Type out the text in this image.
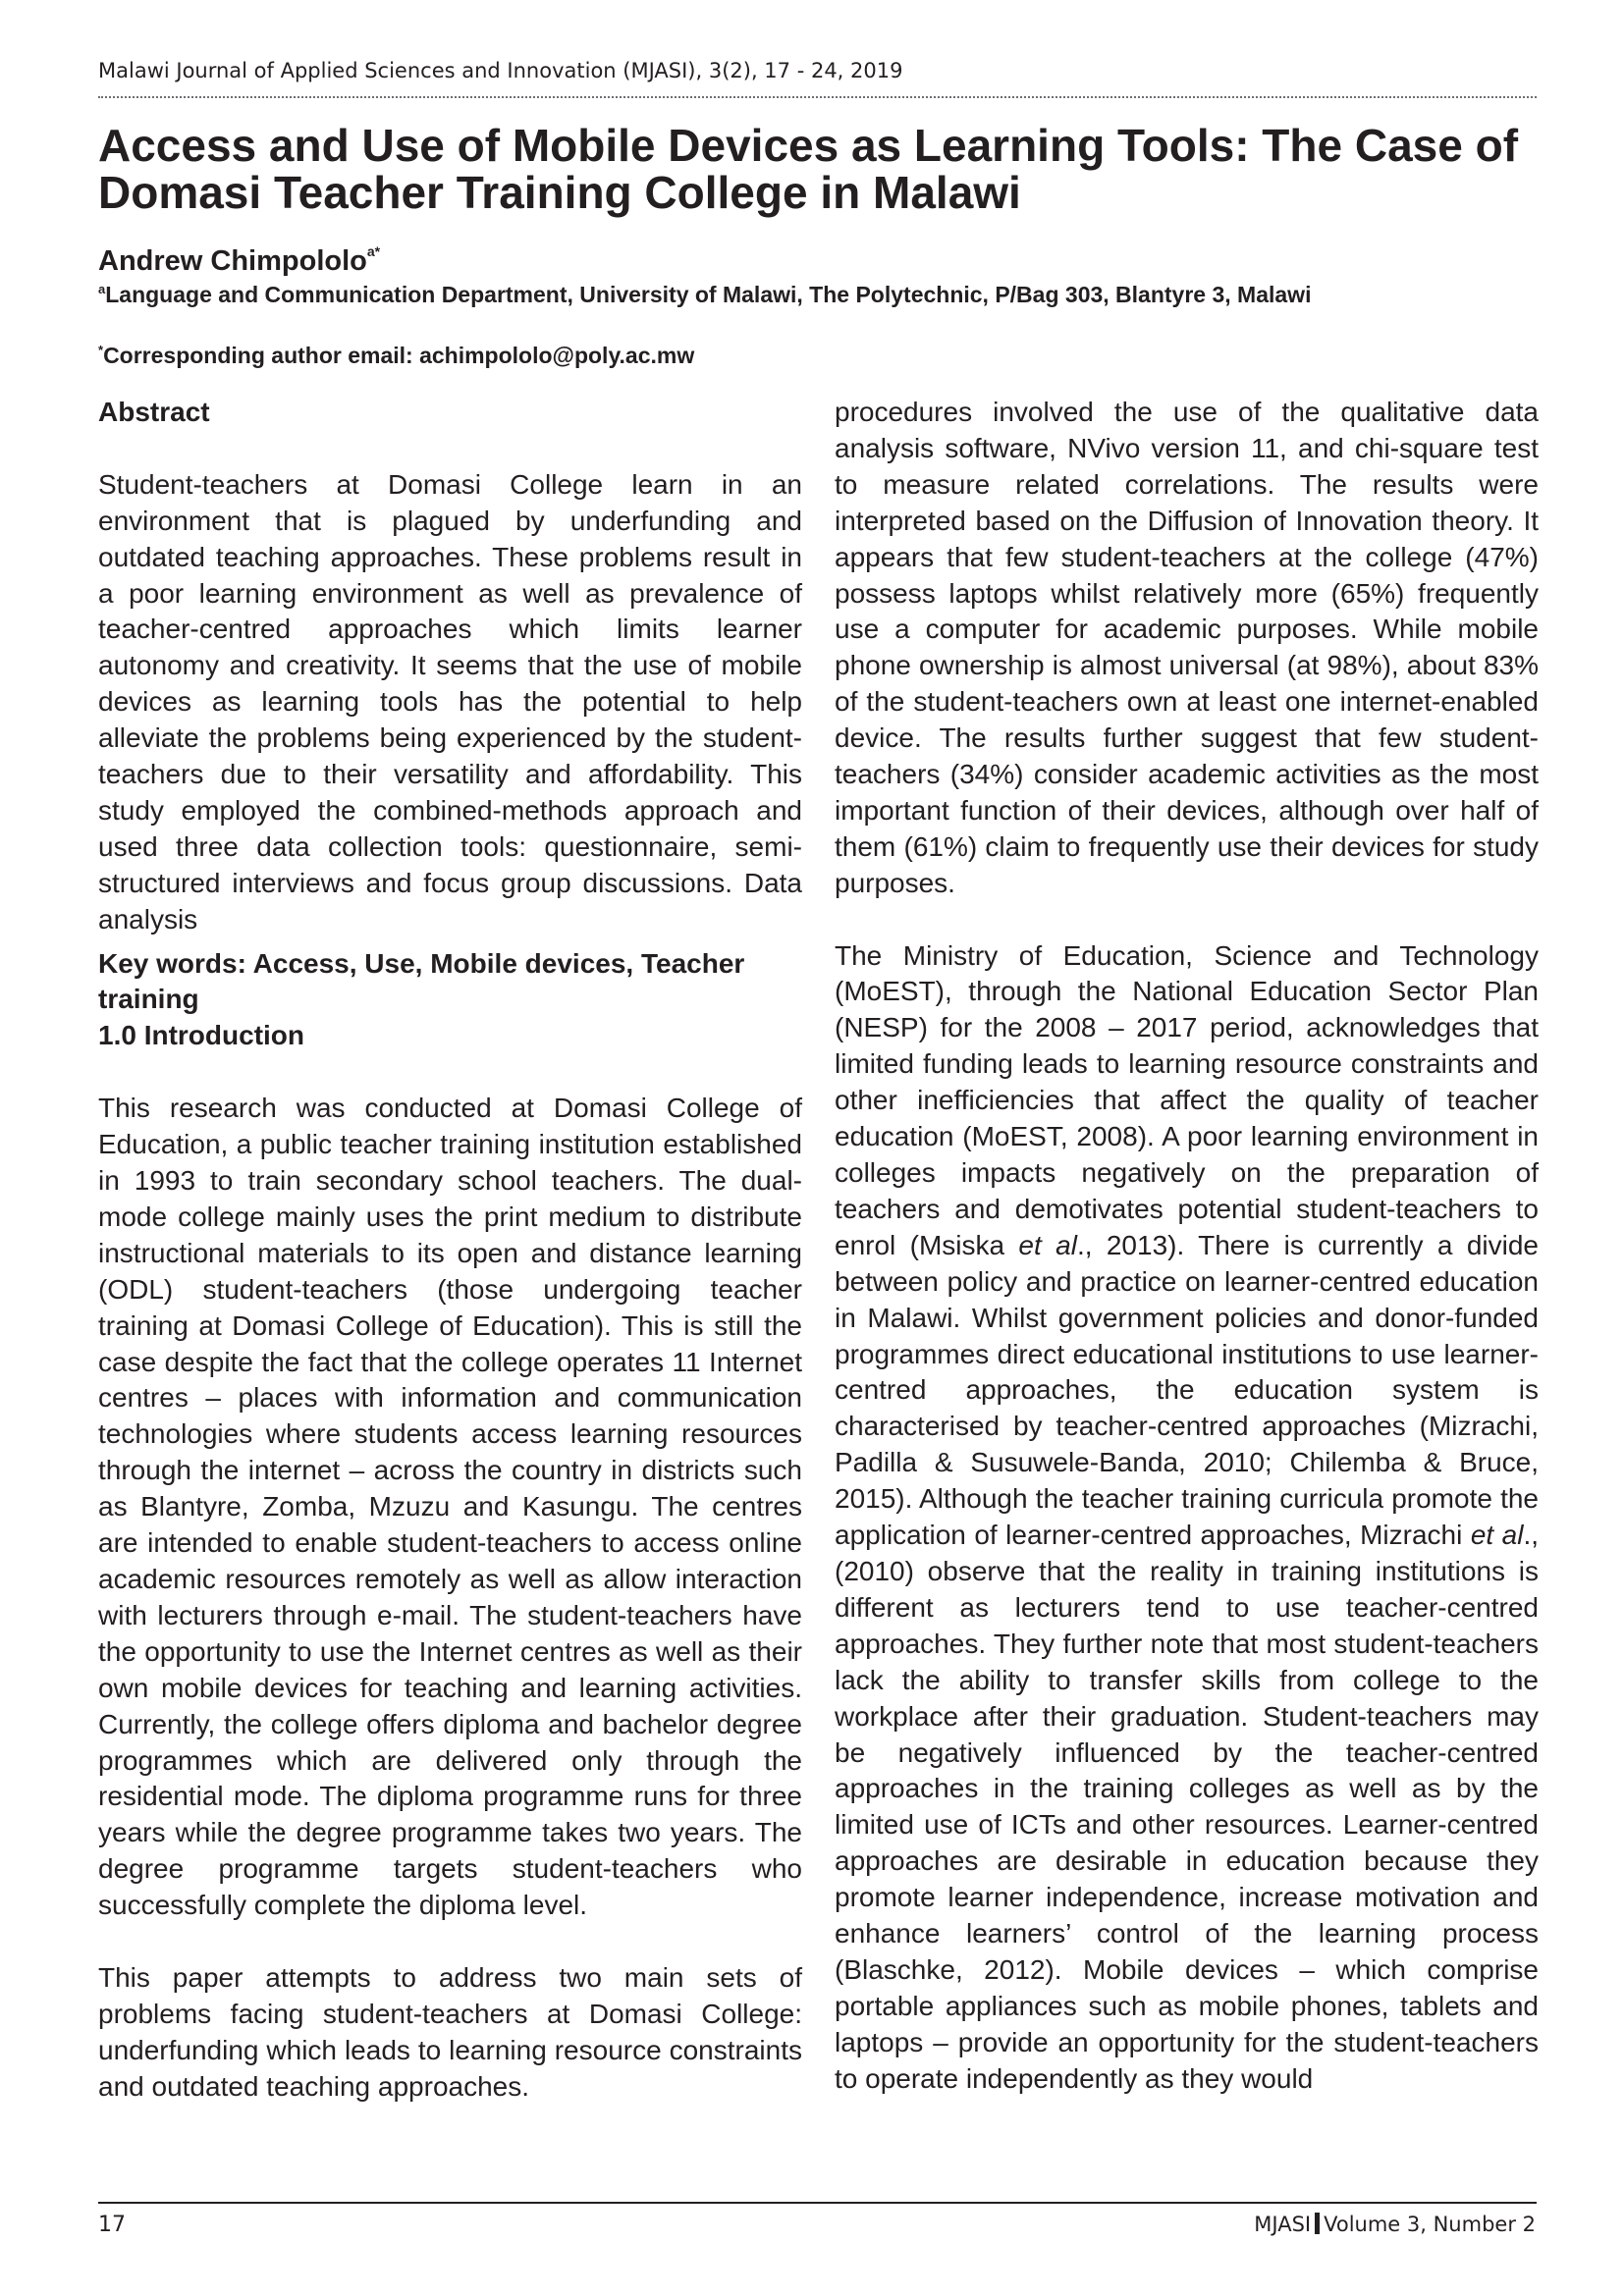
Malawi Journal of Applied Sciences and Innovation (MJASI), 3(2), 17 - 24, 2019
Access and Use of Mobile Devices as Learning Tools: The Case of Domasi Teacher Training College in Malawi
Andrew Chimpololo$^{a*}$
$^a$Language and Communication Department, University of Malawi, The Polytechnic, P/Bag 303, Blantyre 3, Malawi
*Corresponding author email: achimpololo@poly.ac.mw
Abstract

Student-teachers at Domasi College learn in an environment that is plagued by underfunding and outdated teaching approaches. These problems result in a poor learning environment as well as prevalence of teacher-centred approaches which limits learner autonomy and creativity. It seems that the use of mobile devices as learning tools has the potential to help alleviate the problems being experienced by the student-teachers due to their versatility and affordability. This study employed the combined-methods approach and used three data collection tools: questionnaire, semi-structured interviews and focus group discussions. Data analysis

Key words: Access, Use, Mobile devices, Teacher training

1.0 Introduction

This research was conducted at Domasi College of Education, a public teacher training institution established in 1993 to train secondary school teachers. The dual-mode college mainly uses the print medium to distribute instructional materials to its open and distance learning (ODL) student-teachers (those undergoing teacher training at Domasi College of Education). This is still the case despite the fact that the college operates 11 Internet centres – places with information and communication technologies where students access learning resources through the internet – across the country in districts such as Blantyre, Zomba, Mzuzu and Kasungu. The centres are intended to enable student-teachers to access online academic resources remotely as well as allow interaction with lecturers through e-mail. The student-teachers have the opportunity to use the Internet centres as well as their own mobile devices for teaching and learning activities. Currently, the college offers diploma and bachelor degree programmes which are delivered only through the residential mode. The diploma programme runs for three years while the degree programme takes two years. The degree programme targets student-teachers who successfully complete the diploma level.

This paper attempts to address two main sets of problems facing student-teachers at Domasi College: underfunding which leads to learning resource constraints and outdated teaching approaches.

procedures involved the use of the qualitative data analysis software, NVivo version 11, and chi-square test to measure related correlations. The results were interpreted based on the Diffusion of Innovation theory. It appears that few student-teachers at the college (47%) possess laptops whilst relatively more (65%) frequently use a computer for academic purposes. While mobile phone ownership is almost universal (at 98%), about 83% of the student-teachers own at least one internet-enabled device. The results further suggest that few student-teachers (34%) consider academic activities as the most important function of their devices, although over half of them (61%) claim to frequently use their devices for study purposes.

The Ministry of Education, Science and Technology (MoEST), through the National Education Sector Plan (NESP) for the 2008 – 2017 period, acknowledges that limited funding leads to learning resource constraints and other inefficiencies that affect the quality of teacher education (MoEST, 2008). A poor learning environment in colleges impacts negatively on the preparation of teachers and demotivates potential student-teachers to enrol (Msiska et al., 2013). There is currently a divide between policy and practice on learner-centred education in Malawi. Whilst government policies and donor-funded programmes direct educational institutions to use learner-centred approaches, the education system is characterised by teacher-centred approaches (Mizrachi, Padilla & Susuwele-Banda, 2010; Chilemba & Bruce, 2015). Although the teacher training curricula promote the application of learner-centred approaches, Mizrachi et al., (2010) observe that the reality in training institutions is different as lecturers tend to use teacher-centred approaches. They further note that most student-teachers lack the ability to transfer skills from college to the workplace after their graduation. Student-teachers may be negatively influenced by the teacher-centred approaches in the training colleges as well as by the limited use of ICTs and other resources. Learner-centred approaches are desirable in education because they promote learner independence, increase motivation and enhance learners’ control of the learning process (Blaschke, 2012). Mobile devices – which comprise portable appliances such as mobile phones, tablets and laptops – provide an opportunity for the student-teachers to operate independently as they would

17	MJASI Volume 3, Number 2
